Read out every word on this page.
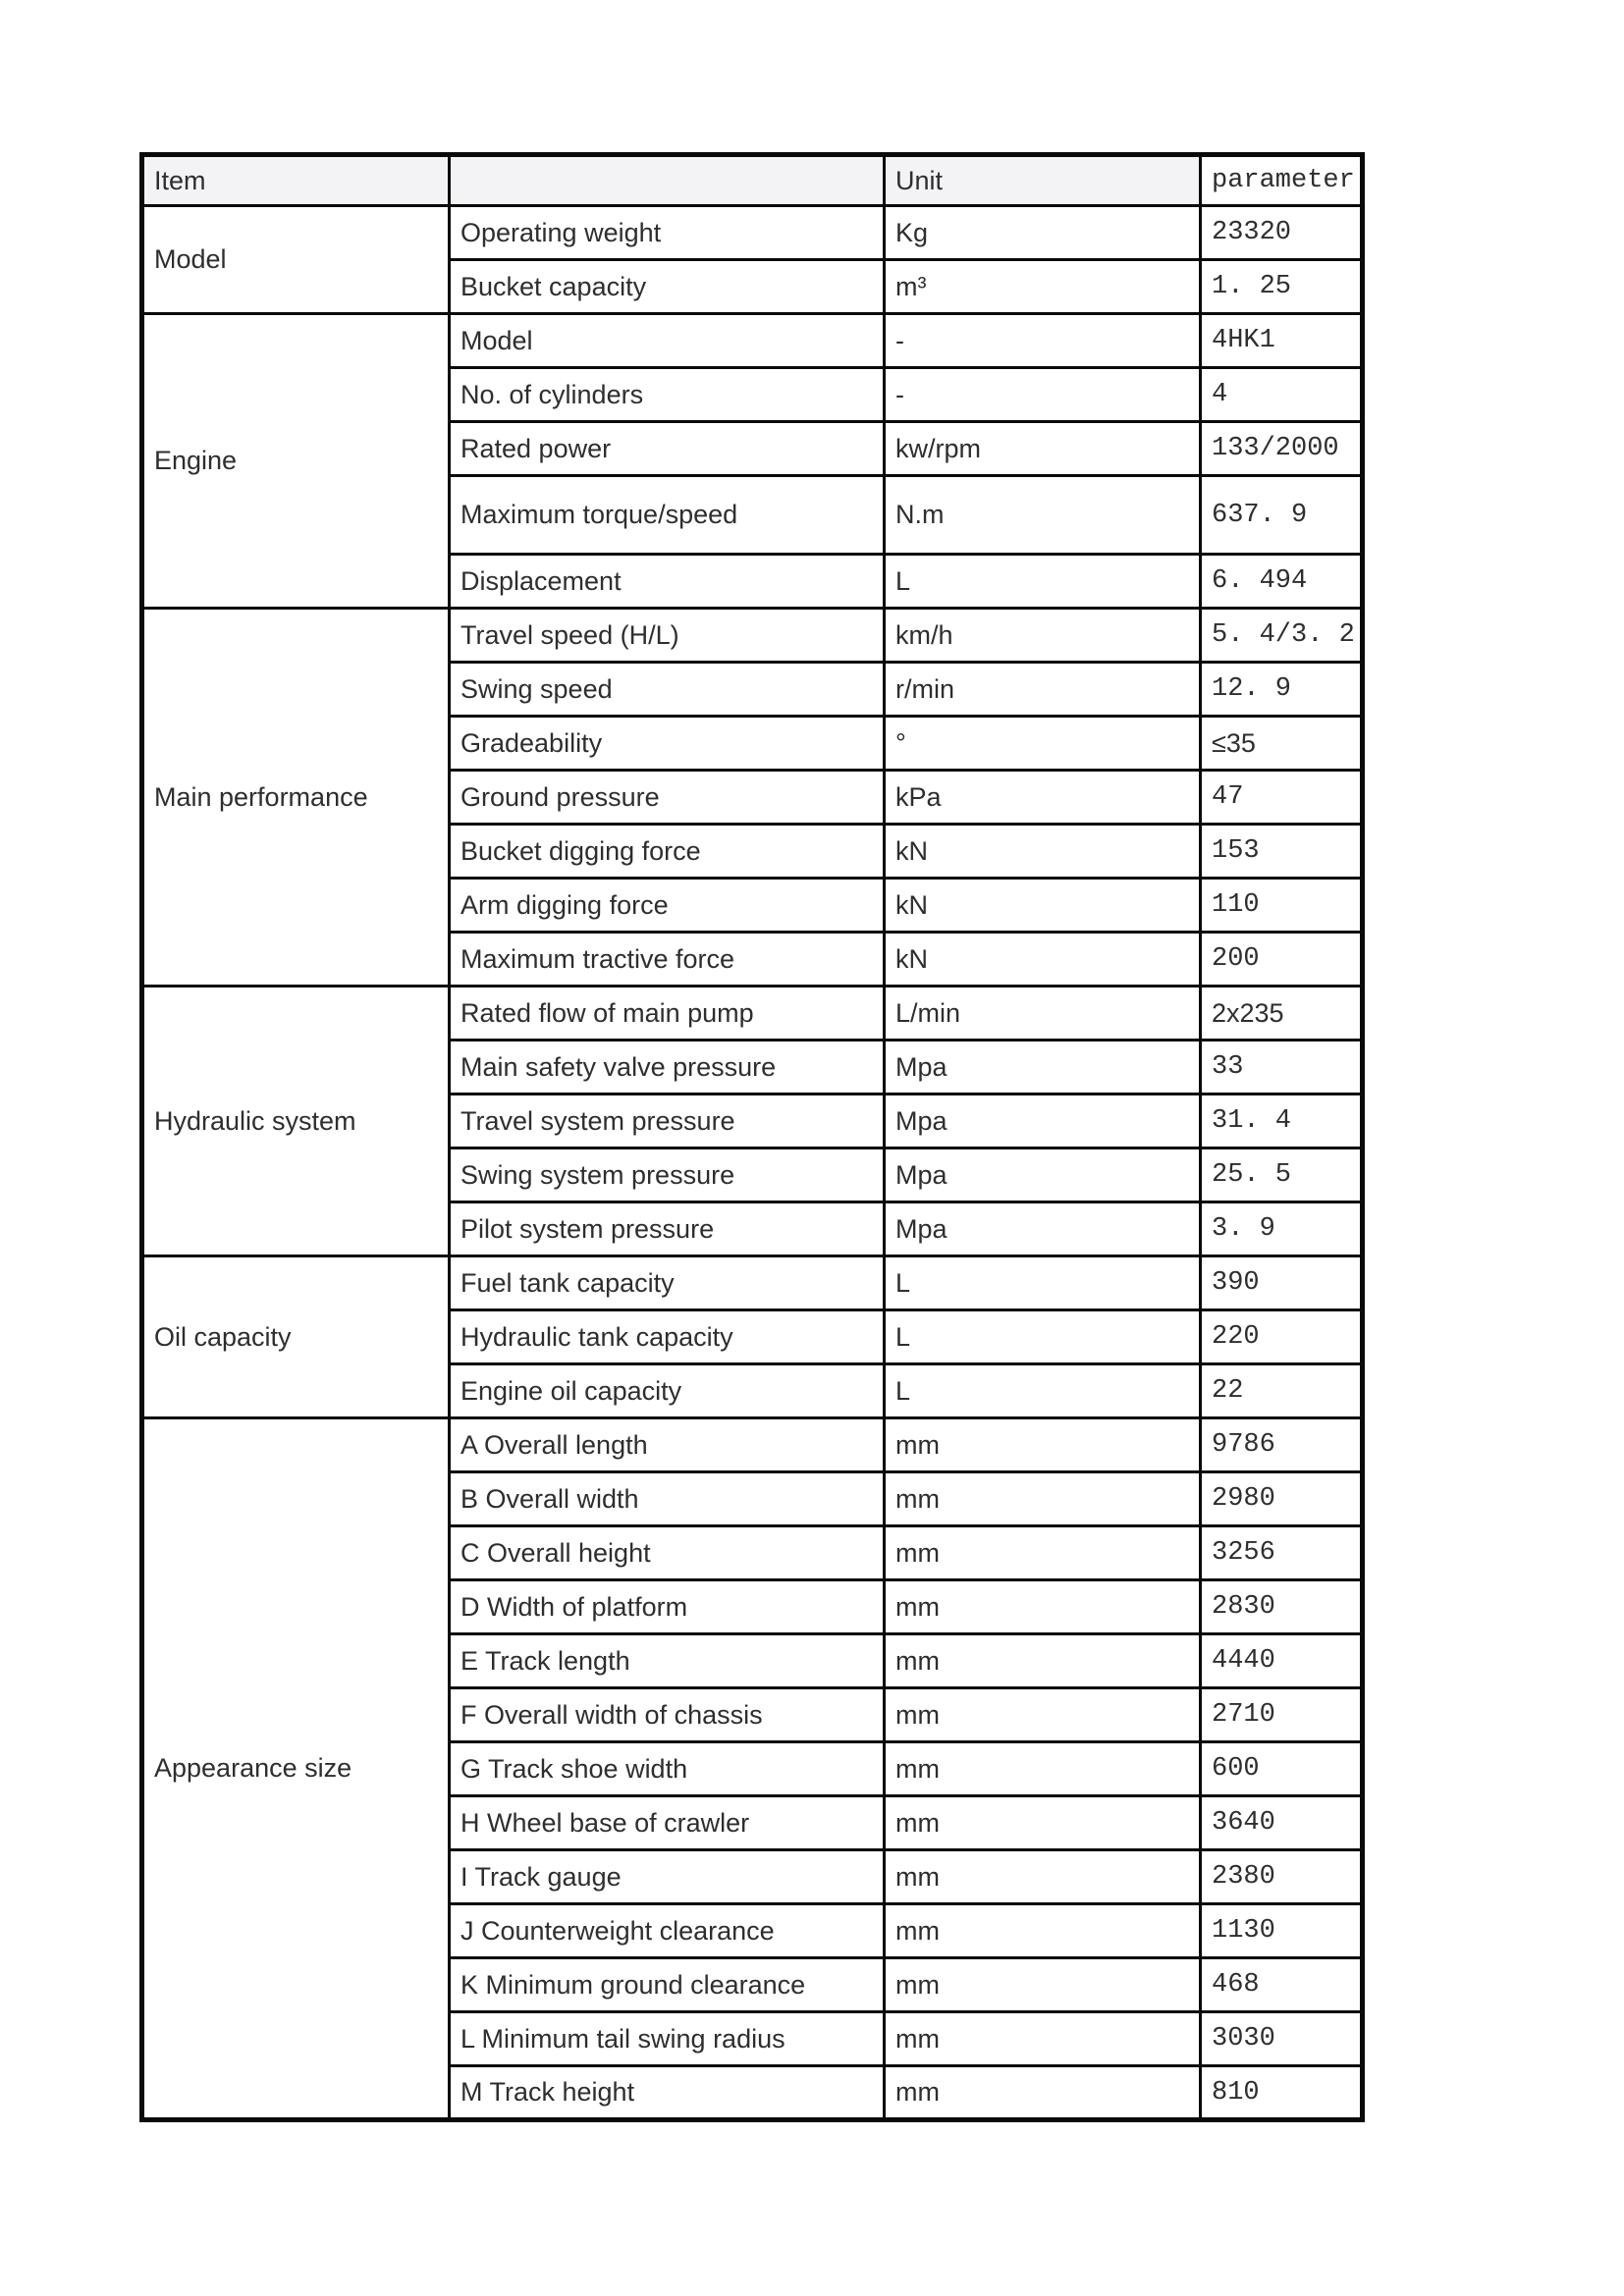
Item		Unit	parameter
Model	Operating weight	Kg	23320
	Bucket capacity	m³	1. 25
Engine	Model	-	4HK1
	No. of cylinders	-	4
	Rated power	kw/rpm	133/2000
	Maximum torque/speed	N.m	637. 9
	Displacement	L	6. 494
Main performance	Travel speed (H/L)	km/h	5. 4/3. 2
	Swing speed	r/min	12. 9
	Gradeability	°	≤35
	Ground pressure	kPa	47
	Bucket digging force	kN	153
	Arm digging force	kN	110
	Maximum tractive force	kN	200
Hydraulic system	Rated flow of main pump	L/min	2x235
	Main safety valve pressure	Mpa	33
	Travel system pressure	Mpa	31. 4
	Swing system pressure	Mpa	25. 5
	Pilot system pressure	Mpa	3. 9
Oil capacity	Fuel tank capacity	L	390
	Hydraulic tank capacity	L	220
	Engine oil capacity	L	22
Appearance size	A Overall length	mm	9786
	B Overall width	mm	2980
	C Overall height	mm	3256
	D Width of platform	mm	2830
	E Track length	mm	4440
	F Overall width of chassis	mm	2710
	G Track shoe width	mm	600
	H Wheel base of crawler	mm	3640
	I Track gauge	mm	2380
	J Counterweight clearance	mm	1130
	K Minimum ground clearance	mm	468
	L Minimum tail swing radius	mm	3030
	M Track height	mm	810
